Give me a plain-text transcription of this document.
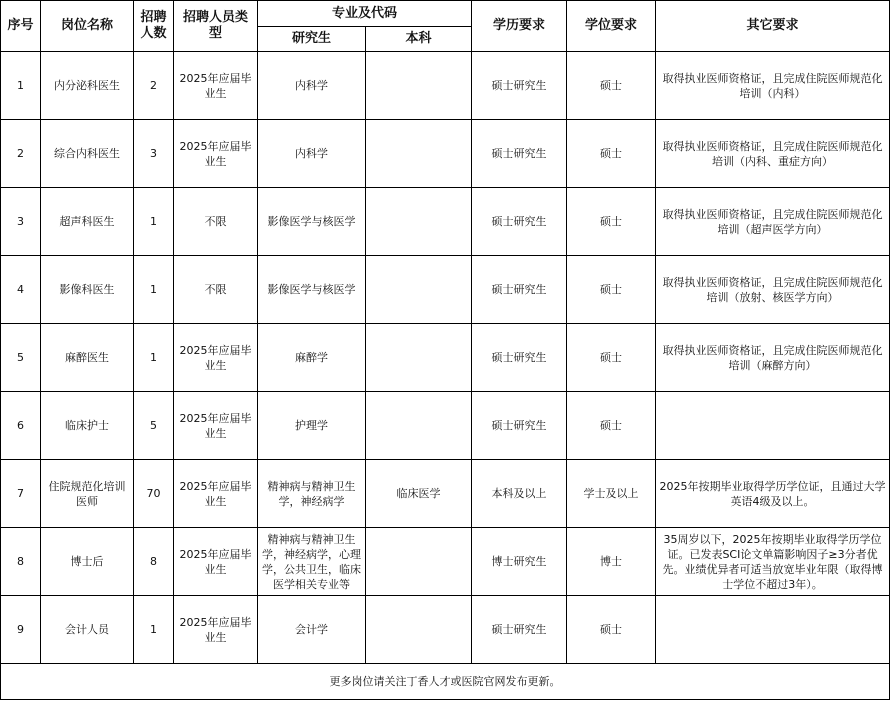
序号	岗位名称	招聘人数	招聘人员类型	专业及代码		学历要求	学位要求	其它要求
				研究生	本科			
1	内分泌科医生	2	2025年应届毕业生	内科学		硕士研究生	硕士	取得执业医师资格证，且完成住院医师规范化培训（内科）
2	综合内科医生	3	2025年应届毕业生	内科学		硕士研究生	硕士	取得执业医师资格证，且完成住院医师规范化培训（内科、重症方向）
3	超声科医生	1	不限	影像医学与核医学		硕士研究生	硕士	取得执业医师资格证，且完成住院医师规范化培训（超声医学方向）
4	影像科医生	1	不限	影像医学与核医学		硕士研究生	硕士	取得执业医师资格证，且完成住院医师规范化培训（放射、核医学方向）
5	麻醉医生	1	2025年应届毕业生	麻醉学		硕士研究生	硕士	取得执业医师资格证，且完成住院医师规范化培训（麻醉方向）
6	临床护士	5	2025年应届毕业生	护理学		硕士研究生	硕士	
7	住院规范化培训医师	70	2025年应届毕业生	精神病与精神卫生学，神经病学	临床医学	本科及以上	学士及以上	2025年按期毕业取得学历学位证，且通过大学英语4级及以上。
8	博士后	8	2025年应届毕业生	精神病与精神卫生学，神经病学，心理学，公共卫生，临床医学相关专业等		博士研究生	博士	35周岁以下，2025年按期毕业取得学历学位证。已发表SCI论文单篇影响因子≥3分者优先。业绩优异者可适当放宽毕业年限（取得博士学位不超过3年）。
9	会计人员	1	2025年应届毕业生	会计学		硕士研究生	硕士	
更多岗位请关注丁香人才或医院官网发布更新。								
